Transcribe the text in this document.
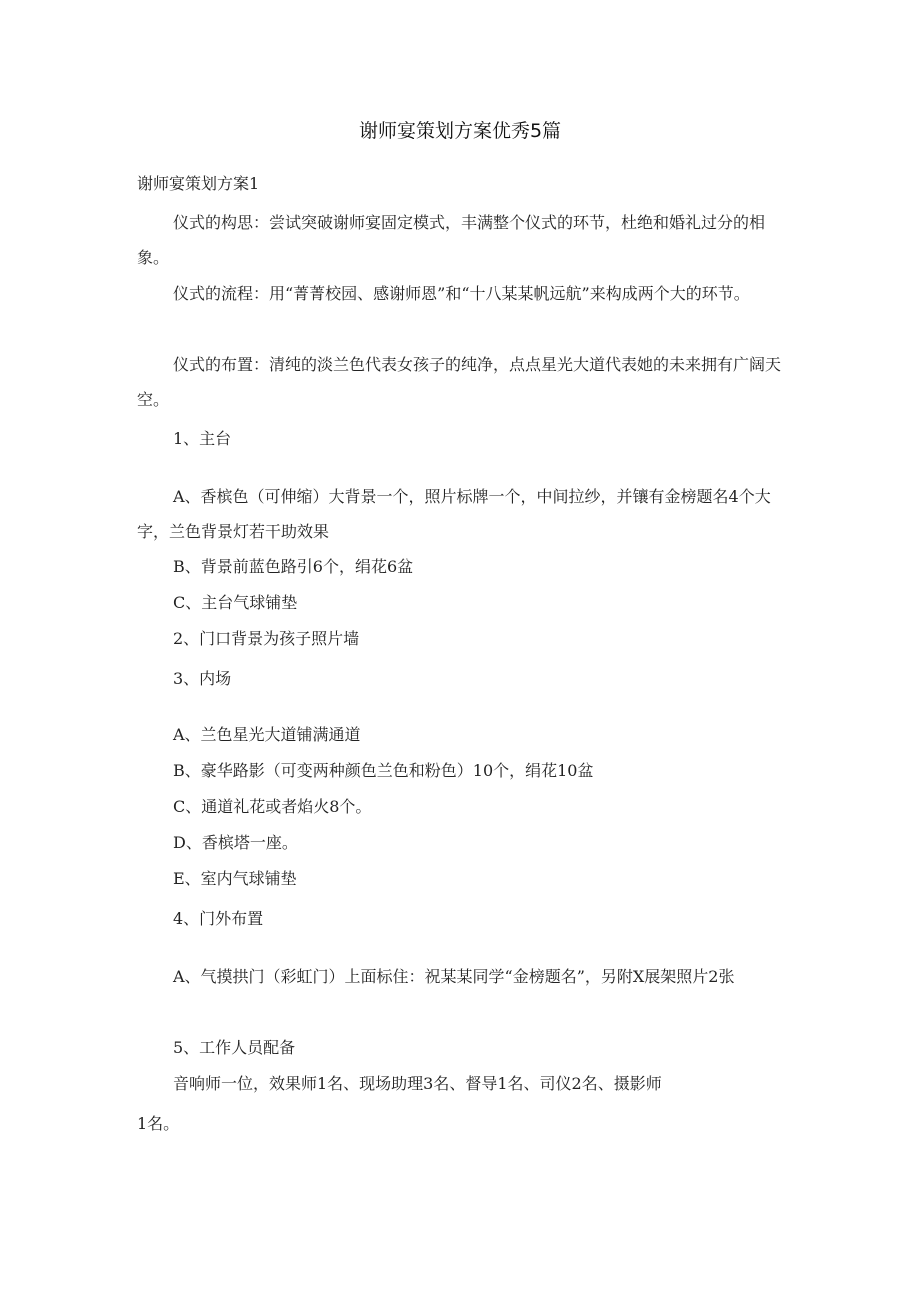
谢师宴策划方案优秀5篇

谢师宴策划方案1

仪式的构思：尝试突破谢师宴固定模式，丰满整个仪式的环节，杜绝和婚礼过分的相象。

仪式的流程：用“菁菁校园、感谢师恩”和“十八某某帆远航”来构成两个大的环节。

仪式的布置：清纯的淡兰色代表女孩子的纯净，点点星光大道代表她的未来拥有广阔天空。

1、主台

A、香槟色（可伸缩）大背景一个，照片标牌一个，中间拉纱，并镶有金榜题名4个大字，兰色背景灯若干助效果

B、背景前蓝色路引6个，绢花6盆

C、主台气球铺垫

2、门口背景为孩子照片墙

3、内场

A、兰色星光大道铺满通道

B、豪华路影（可变两种颜色兰色和粉色）10个，绢花10盆

C、通道礼花或者焰火8个。

D、香槟塔一座。

E、室内气球铺垫

4、门外布置

A、气摸拱门（彩虹门）上面标住：祝某某同学“金榜题名”，另附X展架照片2张

5、工作人员配备

音响师一位，效果师1名、现场助理3名、督导1名、司仪2名、摄影师

1名。
